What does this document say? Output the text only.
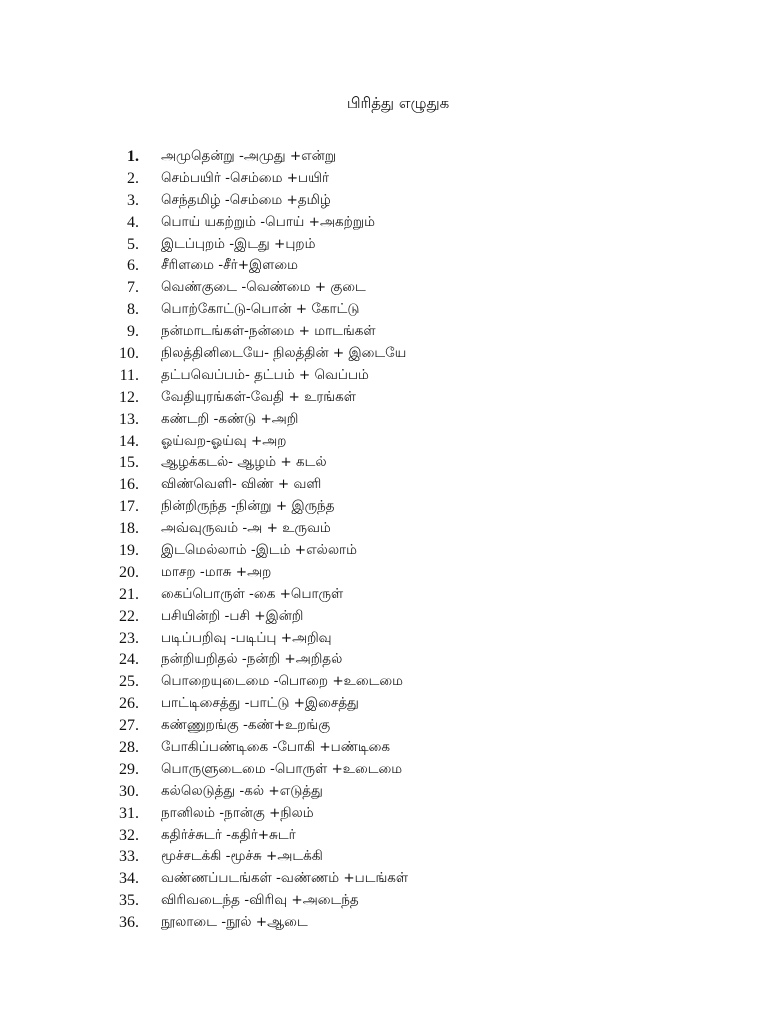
பிரித்து எழுதுக
1. அமுதென்று -அமுது +என்று
2. செம்பயிர் -செம்மை +பயிர்
3. செந்தமிழ் -செம்மை +தமிழ்
4. பொய் யகற்றும் -பொய் +அகற்றும்
5. இடப்புறம் -இடது +புறம்
6. சீரிளமை -சீர்+இளமை
7. வெண்குடை -வெண்மை + குடை
8. பொற்கோட்டு-பொன் + கோட்டு
9. நன்மாடங்கள்-நன்மை + மாடங்கள்
10. நிலத்தினிடையே- நிலத்தின் + இடையே
11. தட்பவெப்பம்- தட்பம் + வெப்பம்
12. வேதியுரங்கள்-வேதி + உரங்கள்
13. கண்டறி -கண்டு +அறி
14. ஓய்வற-ஓய்வு +அற
15. ஆழக்கடல்- ஆழம் + கடல்
16. விண்வெளி- விண் + வளி
17. நின்றிருந்த -நின்று + இருந்த
18. அவ்வுருவம் -அ + உருவம்
19. இடமெல்லாம் -இடம் +எல்லாம்
20. மாசற -மாசு +அற
21. கைப்பொருள் -கை +பொருள்
22. பசியின்றி -பசி +இன்றி
23. படிப்பறிவு -படிப்பு +அறிவு
24. நன்றியறிதல் -நன்றி +அறிதல்
25. பொறையுடைமை -பொறை +உடைமை
26. பாட்டிசைத்து -பாட்டு +இசைத்து
27. கண்ணுறங்கு -கண்+உறங்கு
28. போகிப்பண்டிகை -போகி +பண்டிகை
29. பொருளுடைமை -பொருள் +உடைமை
30. கல்லெடுத்து -கல் +எடுத்து
31. நானிலம் -நான்கு +நிலம்
32. கதிர்ச்சுடர் -கதிர்+சுடர்
33. மூச்சடக்கி -மூச்சு +அடக்கி
34. வண்ணப்படங்கள் -வண்ணம் +படங்கள்
35. விரிவடைந்த -விரிவு +அடைந்த
36. நூலாடை -நூல் +ஆடை
